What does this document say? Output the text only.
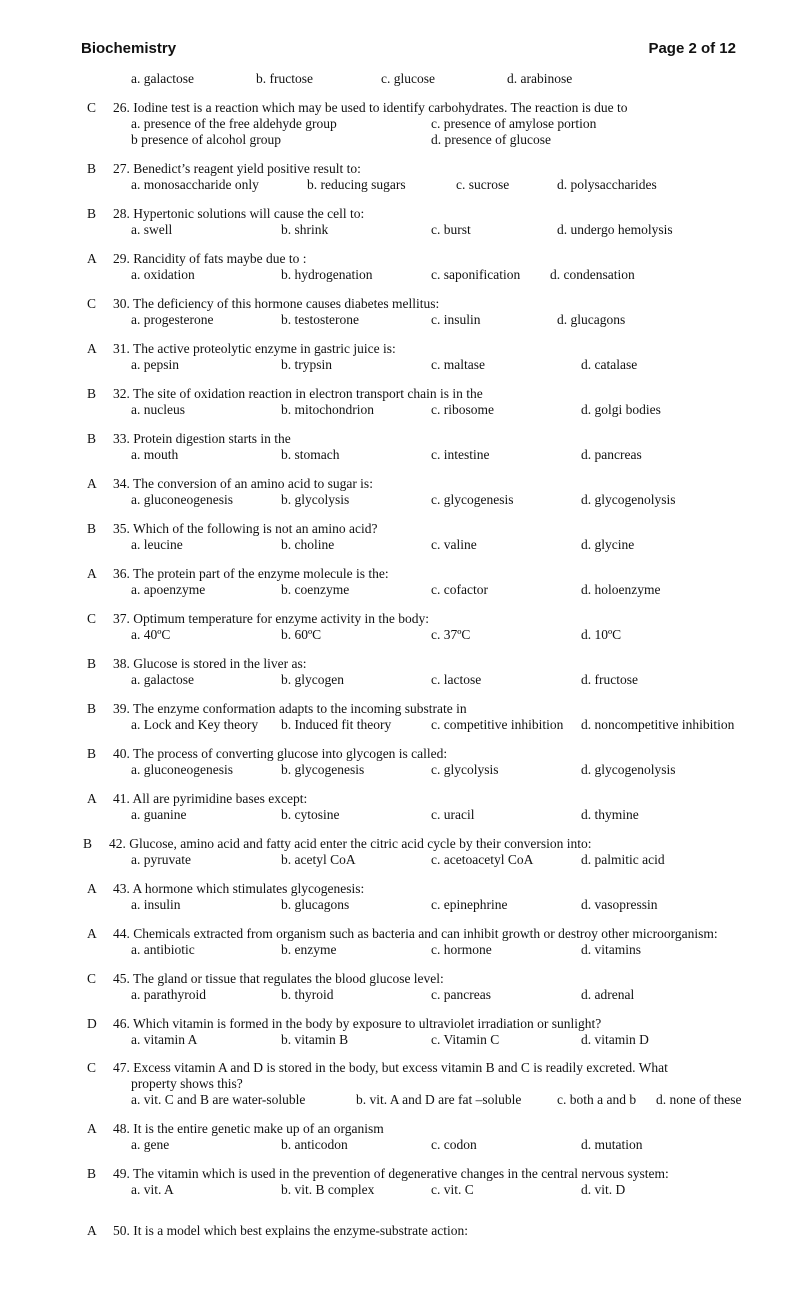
Biochemistry	Page 2 of 12
a. galactose	b. fructose	c. glucose	d. arabinose
C 26. Iodine test is a reaction which may be used to identify carbohydrates. The reaction is due to
a. presence of the free aldehyde group	c. presence of amylose portion
b presence of alcohol group	d. presence of glucose
B 27. Benedict’s reagent yield positive result to:
a. monosaccharide only	b. reducing sugars	c. sucrose	d. polysaccharides
B 28. Hypertonic solutions will cause the cell to:
a. swell	b. shrink	c. burst	d. undergo hemolysis
A 29. Rancidity of fats maybe due to :
a. oxidation	b. hydrogenation	c. saponification d. condensation
C 30. The deficiency of this hormone causes diabetes mellitus:
a. progesterone	b. testosterone	c. insulin	d. glucagons
A 31. The active proteolytic enzyme in gastric juice is:
a. pepsin	b. trypsin	c. maltase	d. catalase
B 32. The site of oxidation reaction in electron transport chain is in the
a. nucleus	b. mitochondrion	c. ribosome	d. golgi bodies
B 33. Protein digestion starts in the
a. mouth	b. stomach	c. intestine	d. pancreas
A 34. The conversion of an amino acid to sugar is:
a. gluconeogenesis	b. glycolysis	c. glycogenesis	d. glycogenolysis
B 35. Which of the following is not an amino acid?
a. leucine	b. choline	c. valine	d. glycine
A 36. The protein part of the enzyme molecule is the:
a. apoenzyme	b. coenzyme	c. cofactor	d. holoenzyme
C 37. Optimum temperature for enzyme activity in the body:
a. 40ºC	b. 60ºC	c. 37ºC	d. 10ºC
B 38. Glucose is stored in the liver as:
a. galactose	b. glycogen	c. lactose	d. fructose
B 39. The enzyme conformation adapts to the incoming substrate in
a. Lock and Key theory b. Induced fit theory	c. competitive inhibition d. noncompetitive inhibition
B 40. The process of converting glucose into glycogen is called:
a. gluconeogenesis	b. glycogenesis	c. glycolysis	d. glycogenolysis
A 41. All are pyrimidine bases except:
a. guanine	b. cytosine	c. uracil	d. thymine
B 42. Glucose, amino acid and fatty acid enter the citric acid cycle by their conversion into:
a. pyruvate	b. acetyl CoA	c. acetoacetyl CoA	d. palmitic acid
A 43. A hormone which stimulates glycogenesis:
a. insulin	b. glucagons	c. epinephrine	d. vasopressin
A 44. Chemicals extracted from organism such as bacteria and can inhibit growth or destroy other microorganism:
a. antibiotic	b. enzyme	c. hormone	d. vitamins
C 45. The gland or tissue that regulates the blood glucose level:
a. parathyroid	b. thyroid	c. pancreas	d. adrenal
D 46. Which vitamin is formed in the body by exposure to ultraviolet irradiation or sunlight?
a. vitamin A	b. vitamin B	c. Vitamin C	d. vitamin D
C 47. Excess vitamin A and D is stored in the body, but excess vitamin B and C is readily excreted. What
property shows this?
a. vit. C and B are water-soluble	b. vit. A and D are fat –soluble	c. both a and b d. none of these
A 48. It is the entire genetic make up of an organism
a. gene	b. anticodon	c. codon	d. mutation
B 49. The vitamin which is used in the prevention of degenerative changes in the central nervous system:
a. vit. A	b. vit. B complex	c. vit. C	d. vit. D
A 50. It is a model which best explains the enzyme-substrate action:
